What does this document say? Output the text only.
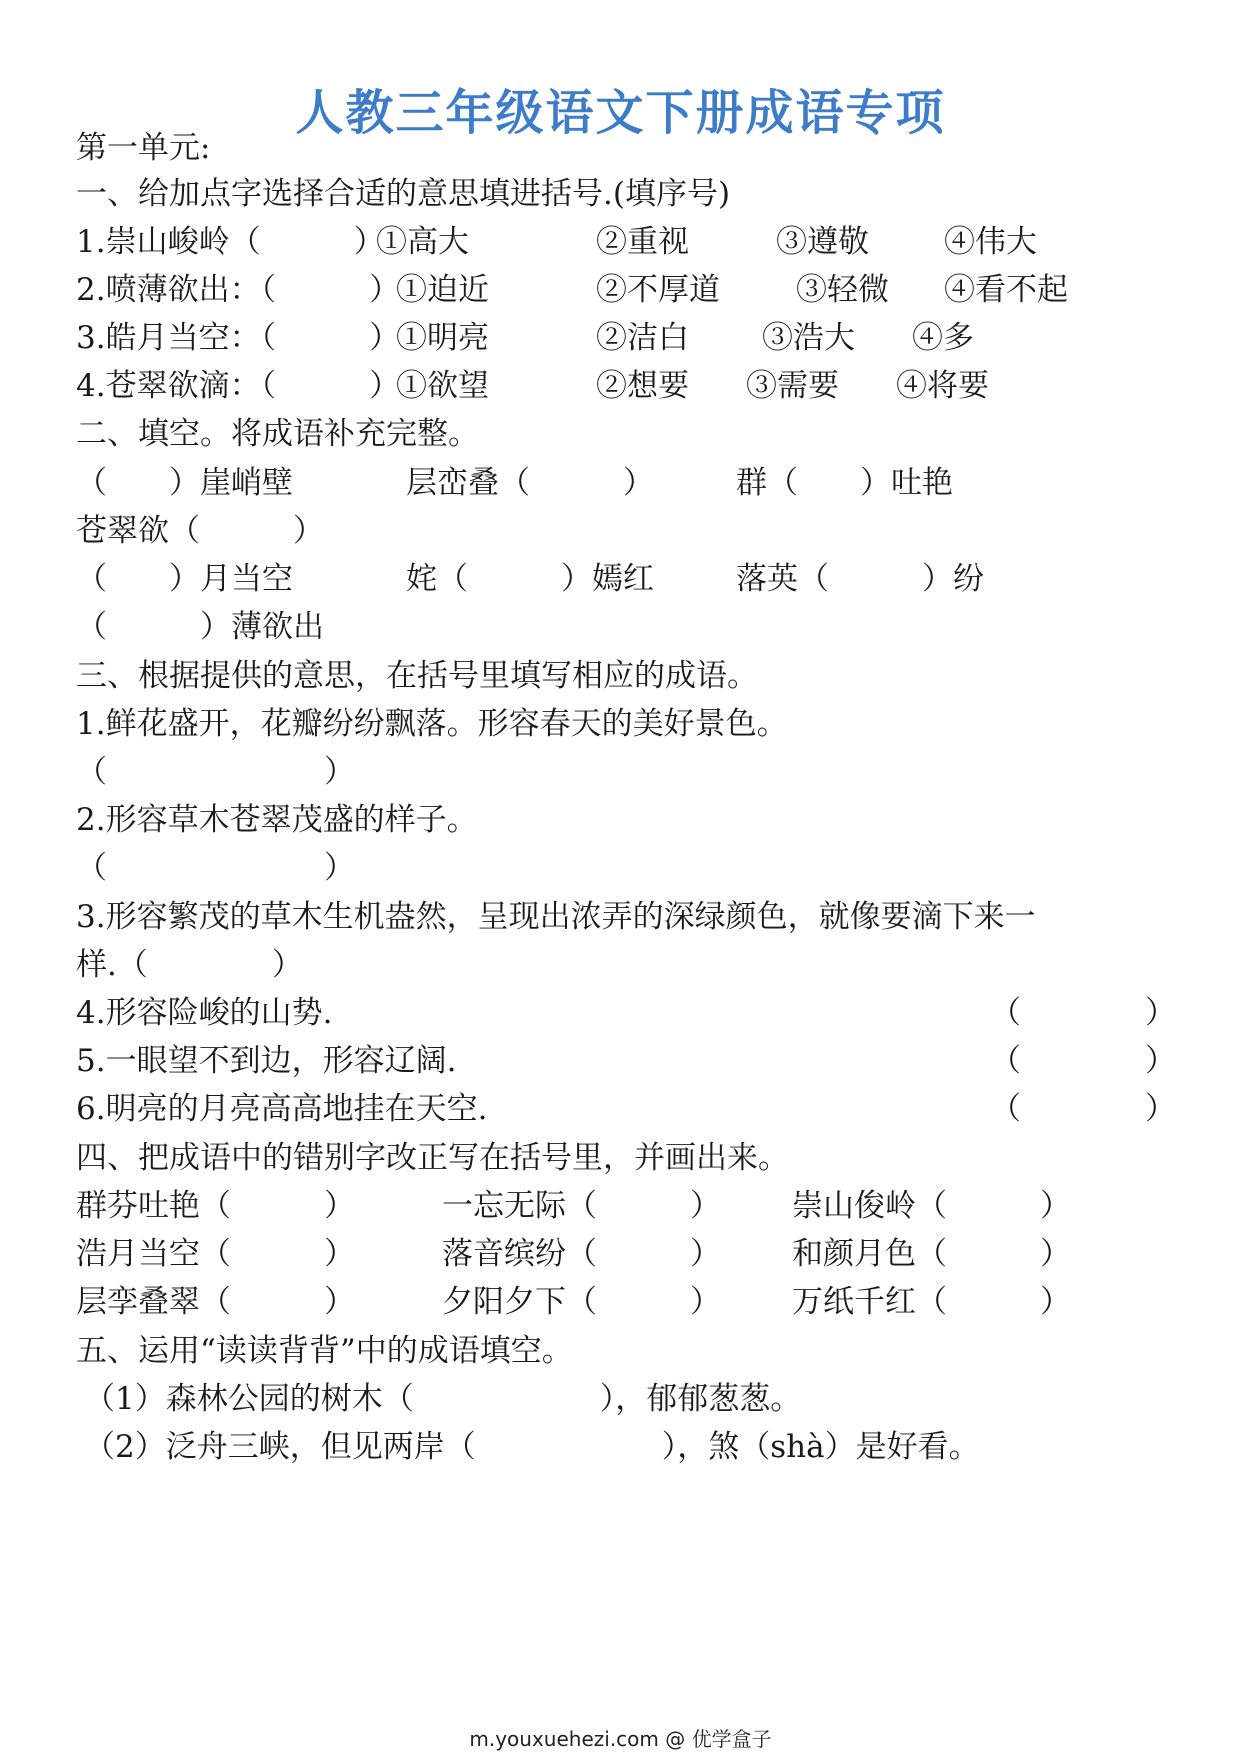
人教三年级语文下册成语专项
第一单元:
一、给加点字选择合适的意思填进括号.(填序号)
1.崇山峻岭（　　　）
①高大	②重视	③遵敬 ④伟大
2.喷薄欲出：（　　　）
①迫近	②不厚道 ③轻微 ④看不起
3.皓月当空：（　　　）
①明亮	②洁白 ③浩大 ④多
4.苍翠欲滴：（　　　）
①欲望	②想要 ③需要 ④将要
二、填空。将成语补充完整。
（　　）崖峭壁	层峦叠（　　　）	群（　　）吐艳
苍翠欲（　　　）
（　　）月当空	姹（　　　）嫣红	落英（　　　）纷
（　　　）薄欲出
三、根据提供的意思，在括号里填写相应的成语。
1.鲜花盛开，花瓣纷纷飘落。形容春天的美好景色。
（　　　　　　　）
2.形容草木苍翠茂盛的样子。
（　　　　　　　）
3.形容繁茂的草木生机盎然，呈现出浓弄的深绿颜色，就像要滴下来一
样.（　　　　）
4.形容险峻的山势.	（　　　　）
5.一眼望不到边，形容辽阔.	（　　　　）
6.明亮的月亮高高地挂在天空.	（　　　　）
四、把成语中的错别字改正写在括号里，并画出来。
群芬吐艳（　　　）	一忘无际（　　　） 崇山俊岭（　　　）
浩月当空（　　　）	落音缤纷（　　　） 和颜月色（　　　）
层孪叠翠（　　　）	夕阳夕下（　　　） 万纸千红（　　　）
五、运用“读读背背”中的成语填空。
（1）森林公园的树木（　　　　　　），郁郁葱葱。
（2）泛舟三峡，但见两岸（　　　　　　），煞（shà）是好看。
m.youxuehezi.com @ 优学盒子
